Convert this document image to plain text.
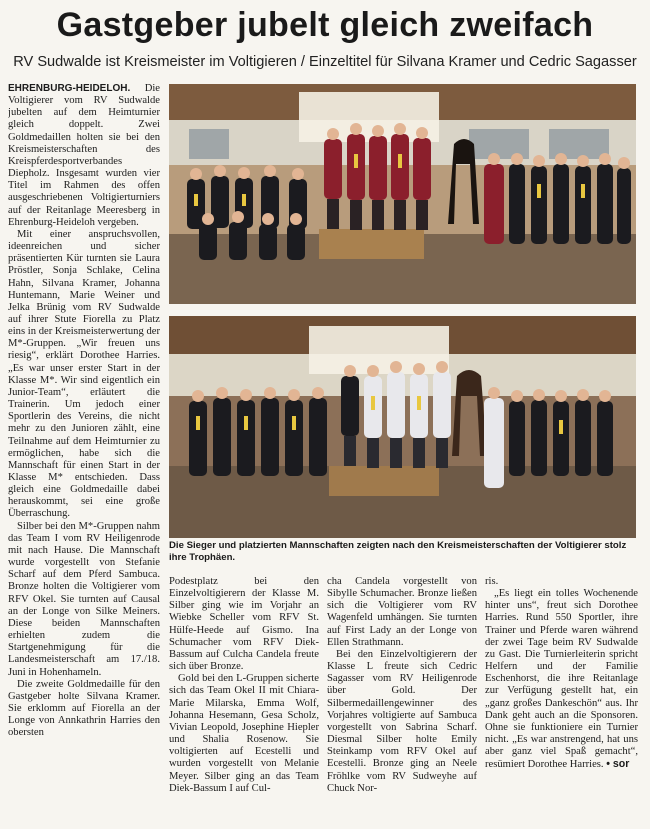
Gastgeber jubelt gleich zweifach

RV Sudwalde ist Kreismeister im Voltigieren / Einzeltitel für Silvana Kramer und Cedric Sagasser

EHRENBURG-HEIDELOH. Die Voltigierer vom RV Sudwalde jubelten auf dem Heimturnier gleich doppelt. Zwei Goldmedaillen holten sie bei den Kreismeisterschaften des Kreispferdesportverbandes Diepholz. Insgesamt wurden vier Titel im Rahmen des offen ausgeschriebenen Voltigierturniers auf der Reitanlage Meeresberg in Ehrenburg-Heideloh vergeben.

Mit einer anspruchsvollen, ideenreichen und sicher präsentierten Kür turnten sie Laura Pröstler, Sonja Schlake, Celina Hahn, Silvana Kramer, Johanna Huntemann, Marie Weiner und Jelka Brünig vom RV Sudwalde auf ihrer Stute Fiorella zu Platz eins in der Kreismeisterwertung der M*-Gruppen. „Wir freuen uns riesig“, erklärt Dorothee Harries. „Es war unser erster Start in der Klasse M*. Wir sind eigentlich ein Junior-Team“, erläutert die Trainerin. Um jedoch einer Sportlerin des Vereins, die nicht mehr zu den Junioren zählt, eine Teilnahme auf dem Heimturnier zu ermöglichen, habe sich die Mannschaft für einen Start in der Klasse M* entschieden. Dass gleich eine Goldmedaille dabei herauskommt, sei eine große Überraschung.

Silber bei den M*-Gruppen nahm das Team I vom RV Heiligenrode mit nach Hause. Die Mannschaft wurde vorgestellt von Stefanie Scharf auf dem Pferd Sambuca. Bronze holten die Voltigierer vom RFV Okel. Sie turnten auf Causal an der Longe von Silke Meiners. Diese beiden Mannschaften erhielten zudem die Startgenehmigung für die Landesmeisterschaft am 17./18. Juni in Hohenhameln.

Die zweite Goldmedaille für den Gastgeber holte Silvana Kramer. Sie erklomm auf Fiorella an der Longe von Annkathrin Harries den obersten

Die Sieger und platzierten Mannschaften zeigten nach den Kreismeisterschaften der Voltigierer stolz ihre Trophäen.

Podestplatz bei den Einzelvoltigierern der Klasse M. Silber ging wie im Vorjahr an Wiebke Scheller vom RFV St. Hülfe-Heede auf Gismo. Ina Schumacher vom RFV Diek-Bassum auf Culcha Candela freute sich über Bronze.

Gold bei den L-Gruppen sicherte sich das Team Okel II mit Chiara-Marie Milarska, Emma Wolf, Johanna Hesemann, Gesa Scholz, Vivian Leopold, Josephine Hiepler und Shalia Rosenow. Sie voltigierten auf Ecestelli und wurden vorgestellt von Melanie Meyer. Silber ging an das Team Diek-Bassum I auf Cul-

cha Candela vorgestellt von Sibylle Schumacher. Bronze ließen sich die Voltigierer vom RV Wagenfeld umhängen. Sie turnten auf First Lady an der Longe von Ellen Strathmann.

Bei den Einzelvoltigierern der Klasse L freute sich Cedric Sagasser vom RV Heiligenrode über Gold. Der Silbermedaillengewinner des Vorjahres voltigierte auf Sambuca vorgestellt von Sabrina Scharf. Diesmal Silber holte Emily Steinkamp vom RFV Okel auf Ecestelli. Bronze ging an Neele Fröhlke vom RV Sudweyhe auf Chuck Nor-

ris.

„Es liegt ein tolles Wochenende hinter uns“, freut sich Dorothee Harries. Rund 550 Sportler, ihre Trainer und Pferde waren während der zwei Tage beim RV Sudwalde zu Gast. Die Turnierleiterin spricht Helfern und der Familie Eschenhorst, die ihre Reitanlage zur Verfügung gestellt hat, ein „ganz großes Dankeschön“ aus. Ihr Dank geht auch an die Sponsoren. Ohne sie funktioniere ein Turnier nicht. „Es war anstrengend, hat uns aber ganz viel Spaß gemacht“, resümiert Dorothee Harries. • sor
